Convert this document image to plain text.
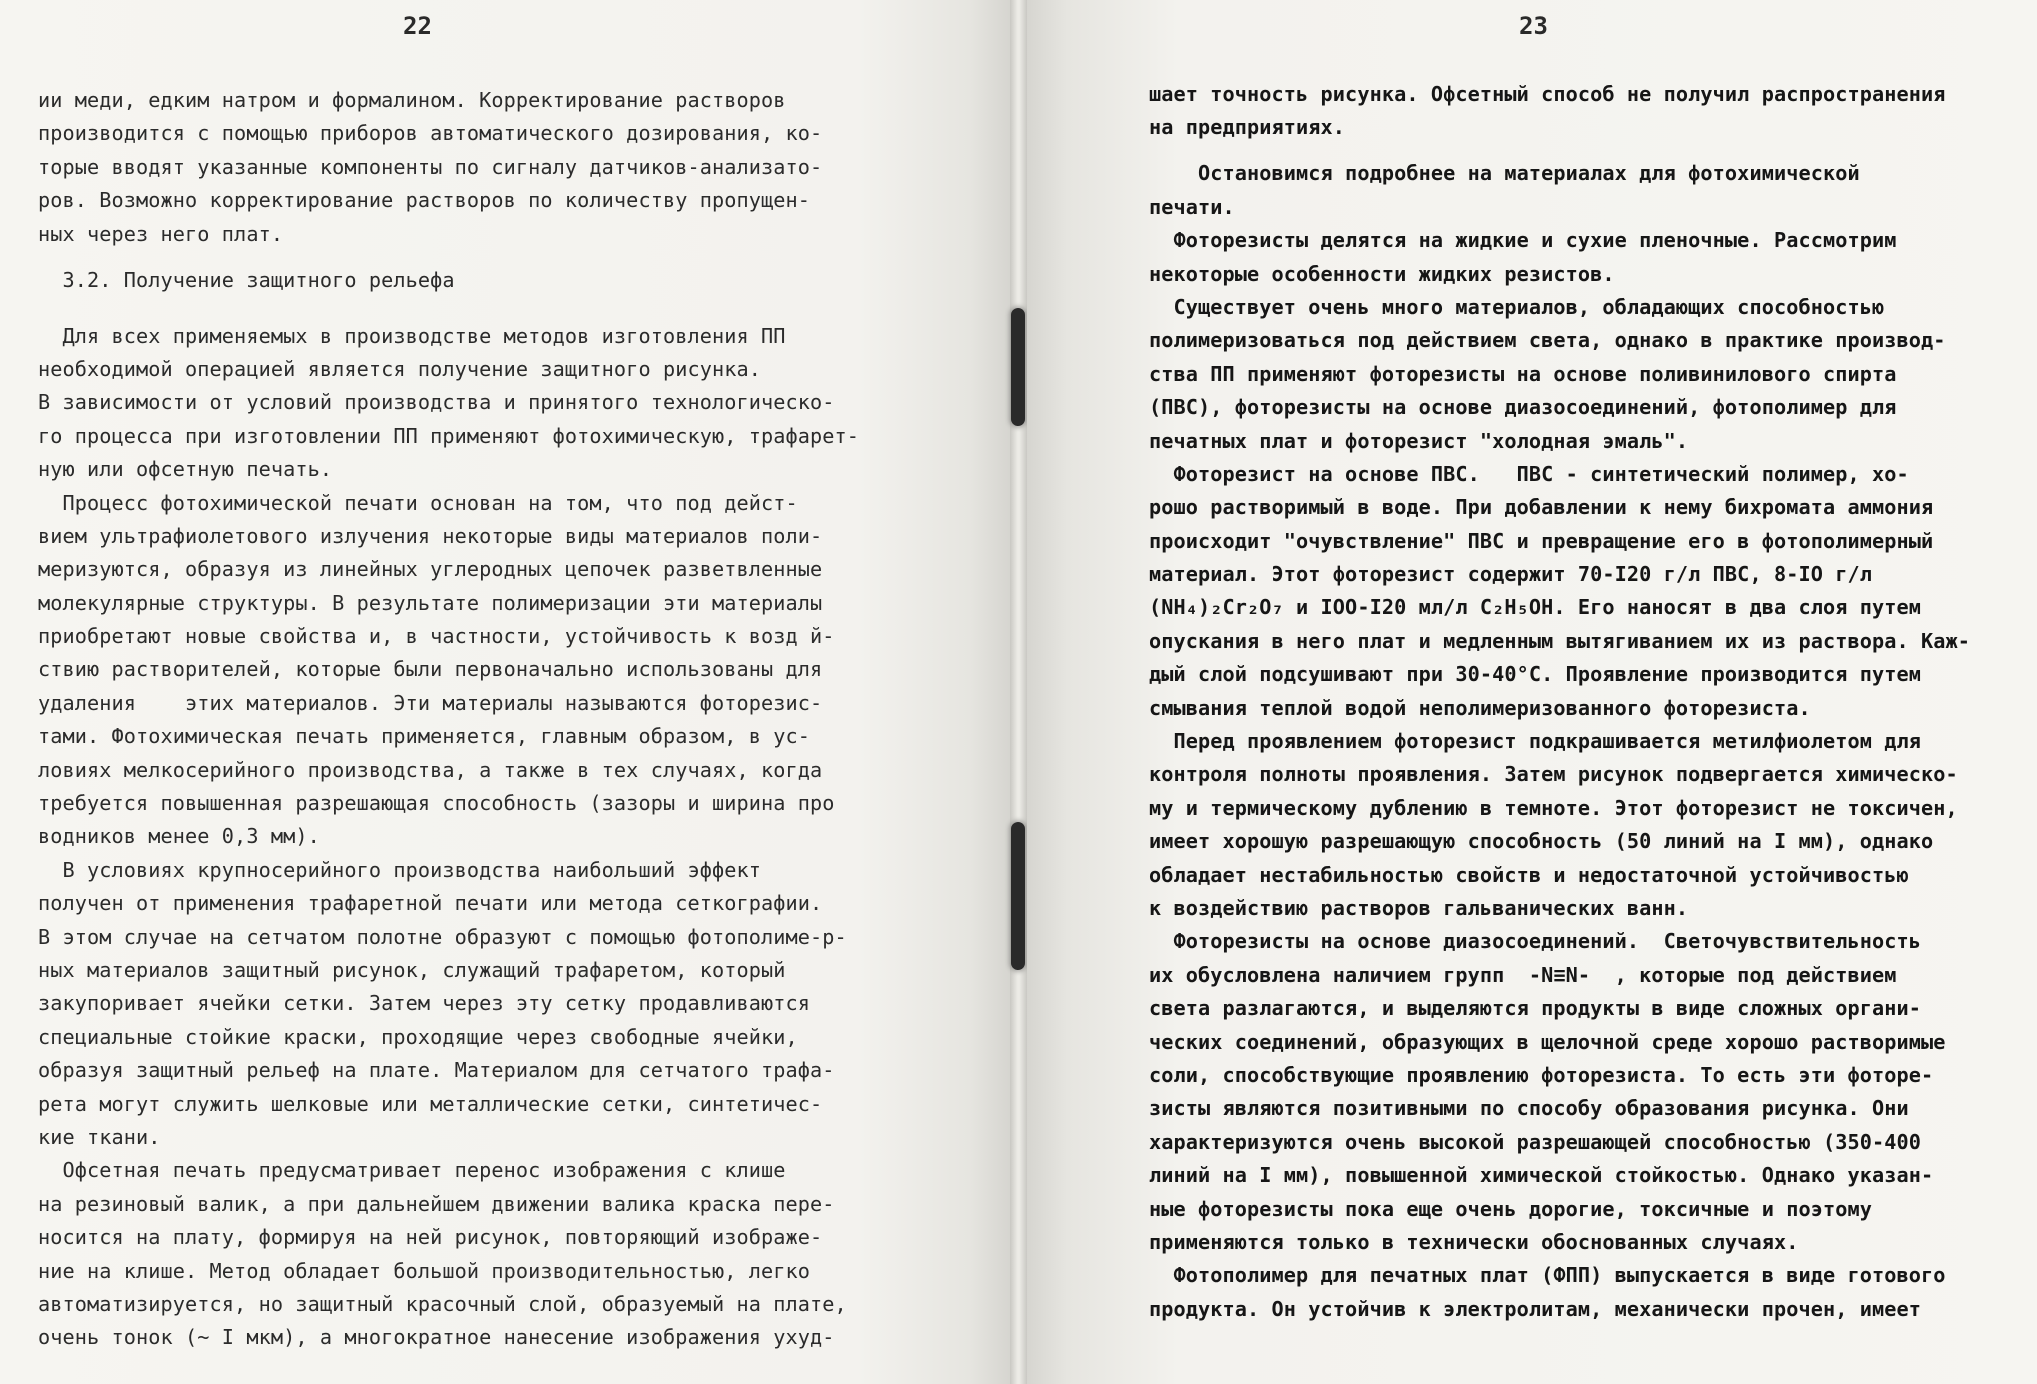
22
ии меди, едким натром и формалином. Корректирование растворов
производится с помощью приборов автоматического дозирования, ко-
торые вводят указанные компоненты по сигналу датчиков-анализато-
ров. Возможно корректирование растворов по количеству пропущен-
ных через него плат.
3.2. Получение защитного рельефа
Для всех применяемых в производстве методов изготовления ПП
необходимой операцией является получение защитного рисунка.
В зависимости от условий производства и принятого технологическо-
го процесса при изготовлении ПП применяют фотохимическую, трафарет-
ную или офсетную печать.
Процесс фотохимической печати основан на том, что под дейст-
вием ультрафиолетового излучения некоторые виды материалов поли-
меризуются, образуя из линейных углеродных цепочек разветвленные
молекулярные структуры. В результате полимеризации эти материалы
приобретают новые свойства и, в частности, устойчивость к возд й-
ствию растворителей, которые были первоначально использованы для
удаления    этих материалов. Эти материалы называются фоторезис-
тами. Фотохимическая печать применяется, главным образом, в ус-
ловиях мелкосерийного производства, а также в тех случаях, когда
требуется повышенная разрешающая способность (зазоры и ширина про
водников менее 0,3 мм).
В условиях крупносерийного производства наибольший эффект
получен от применения трафаретной печати или метода сеткографии.
В этом случае на сетчатом полотне образуют с помощью фотополиме-р-
ных материалов защитный рисунок, служащий трафаретом, который
закупоривает ячейки сетки. Затем через эту сетку продавливаются
специальные стойкие краски, проходящие через свободные ячейки,
образуя защитный рельеф на плате. Материалом для сетчатого трафа-
рета могут служить шелковые или металлические сетки, синтетичес-
кие ткани.
Офсетная печать предусматривает перенос изображения с клише
на резиновый валик, а при дальнейшем движении валика краска пере-
носится на плату, формируя на ней рисунок, повторяющий изображе-
ние на клише. Метод обладает большой производительностью, легко
автоматизируется, но защитный красочный слой, образуемый на плате,
очень тонок (~ I мкм), а многократное нанесение изображения ухуд-
23
шает точность рисунка. Офсетный способ не получил распространения
на предприятиях.
Остановимся подробнее на материалах для фотохимической
печати.
Фоторезисты делятся на жидкие и сухие пленочные. Рассмотрим
некоторые особенности жидких резистов.
Существует очень много материалов, обладающих способностью
полимеризоваться под действием света, однако в практике производ-
ства ПП применяют фоторезисты на основе поливинилового спирта
(ПВС), фоторезисты на основе диазосоединений, фотополимер для
печатных плат и фоторезист "холодная эмаль".
Фоторезист на основе ПВС.   ПВС - синтетический полимер, хо-
рошо растворимый в воде. При добавлении к нему бихромата аммония
происходит "очувствление" ПВС и превращение его в фотополимерный
материал. Этот фоторезист содержит 70-I20 г/л ПВС, 8-IO г/л
(NH₄)₂Cr₂O₇ и IOO-I20 мл/л C₂H₅OH. Его наносят в два слоя путем
опускания в него плат и медленным вытягиванием их из раствора. Каж-
дый слой подсушивают при 30-40°C. Проявление производится путем
смывания теплой водой неполимеризованного фоторезиста.
Перед проявлением фоторезист подкрашивается метилфиолетом для
контроля полноты проявления. Затем рисунок подвергается химическо-
му и термическому дублению в темноте. Этот фоторезист не токсичен,
имеет хорошую разрешающую способность (50 линий на I мм), однако
обладает нестабильностью свойств и недостаточной устойчивостью
к воздействию растворов гальванических ванн.
Фоторезисты на основе диазосоединений.  Светочувствительность
их обусловлена наличием групп  -N≡N-  , которые под действием
света разлагаются, и выделяются продукты в виде сложных органи-
ческих соединений, образующих в щелочной среде хорошо растворимые
соли, способствующие проявлению фоторезиста. То есть эти фоторе-
зисты являются позитивными по способу образования рисунка. Они
характеризуются очень высокой разрешающей способностью (350-400
линий на I мм), повышенной химической стойкостью. Однако указан-
ные фоторезисты пока еще очень дорогие, токсичные и поэтому
применяются только в технически обоснованных случаях.
Фотополимер для печатных плат (ФПП) выпускается в виде готового
продукта. Он устойчив к электролитам, механически прочен, имеет
